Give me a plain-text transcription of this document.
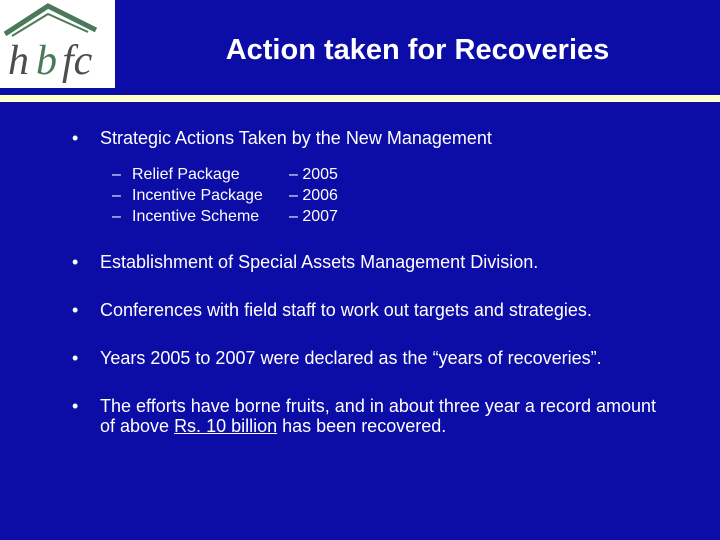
h b fc	Action taken for Recoveries
• Strategic Actions Taken by the New Management
– Relief Package	– 2005
– Incentive Package – 2006
– Incentive Scheme – 2007
• Establishment of Special Assets Management Division.
• Conferences with field staff to work out targets and strategies.
• Years 2005 to 2007 were declared as the “years of recoveries”.
• The efforts have borne fruits, and in about three year a record amount of above Rs. 10 billion has been recovered.
